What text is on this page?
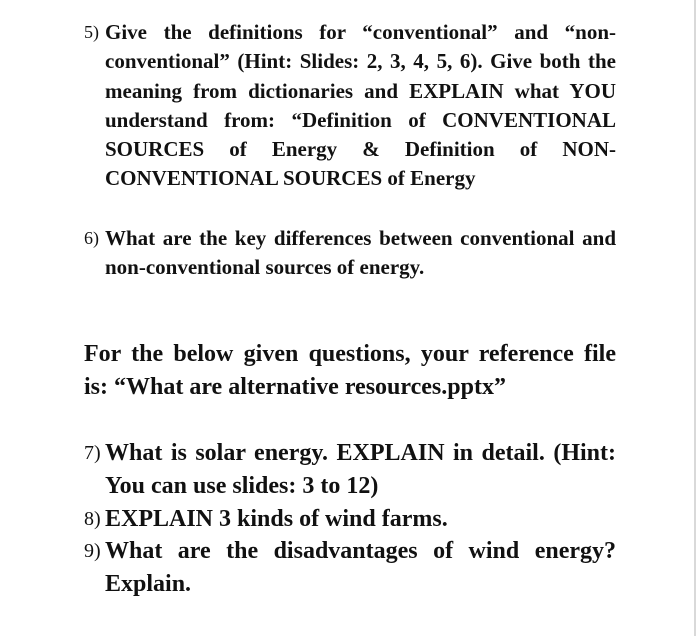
5) Give the definitions for “conventional” and “non-conventional” (Hint: Slides: 2, 3, 4, 5, 6). Give both the meaning from dictionaries and EXPLAIN what YOU understand from: “Definition of CONVENTIONAL SOURCES of Energy & Definition of NON-CONVENTIONAL SOURCES of Energy
6) What are the key differences between conventional and non-conventional sources of energy.
For the below given questions, your reference file is: “What are alternative resources.pptx”
7) What is solar energy. EXPLAIN in detail. (Hint: You can use slides: 3 to 12)
8) EXPLAIN 3 kinds of wind farms.
9) What are the disadvantages of wind energy? Explain.
